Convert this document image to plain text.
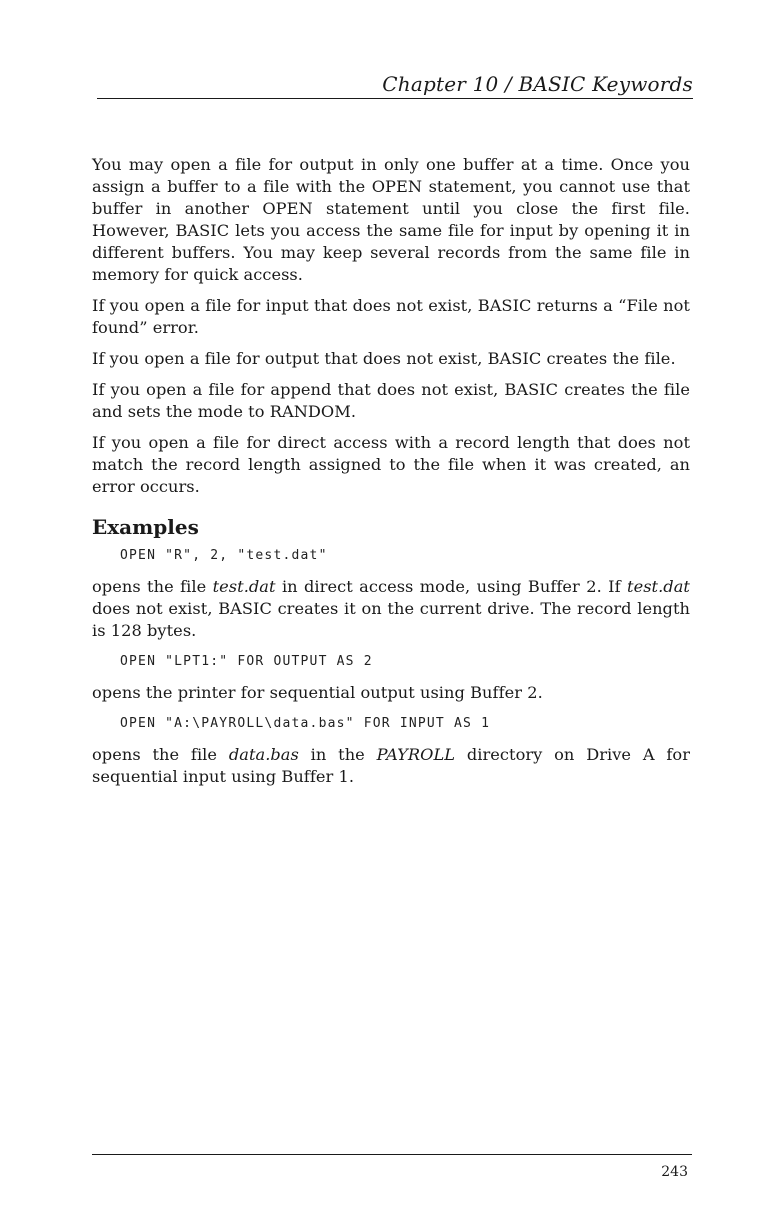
Chapter 10 / BASIC Keywords

You may open a file for output in only one buffer at a time. Once you assign a buffer to a file with the OPEN statement, you cannot use that buffer in another OPEN statement until you close the first file. However, BASIC lets you access the same file for input by opening it in different buffers. You may keep several records from the same file in memory for quick access.

If you open a file for input that does not exist, BASIC returns a “File not found” error.

If you open a file for output that does not exist, BASIC creates the file.

If you open a file for append that does not exist, BASIC creates the file and sets the mode to RANDOM.

If you open a file for direct access with a record length that does not match the record length assigned to the file when it was created, an error occurs.

Examples
OPEN "R", 2, "test.dat"

opens the file test.dat in direct access mode, using Buffer 2. If test.dat does not exist, BASIC creates it on the current drive. The record length is 128 bytes.

OPEN "LPT1:" FOR OUTPUT AS 2

opens the printer for sequential output using Buffer 2.

OPEN "A:\PAYROLL\data.bas" FOR INPUT AS 1

opens the file data.bas in the PAYROLL directory on Drive A for sequential input using Buffer 1.

243
